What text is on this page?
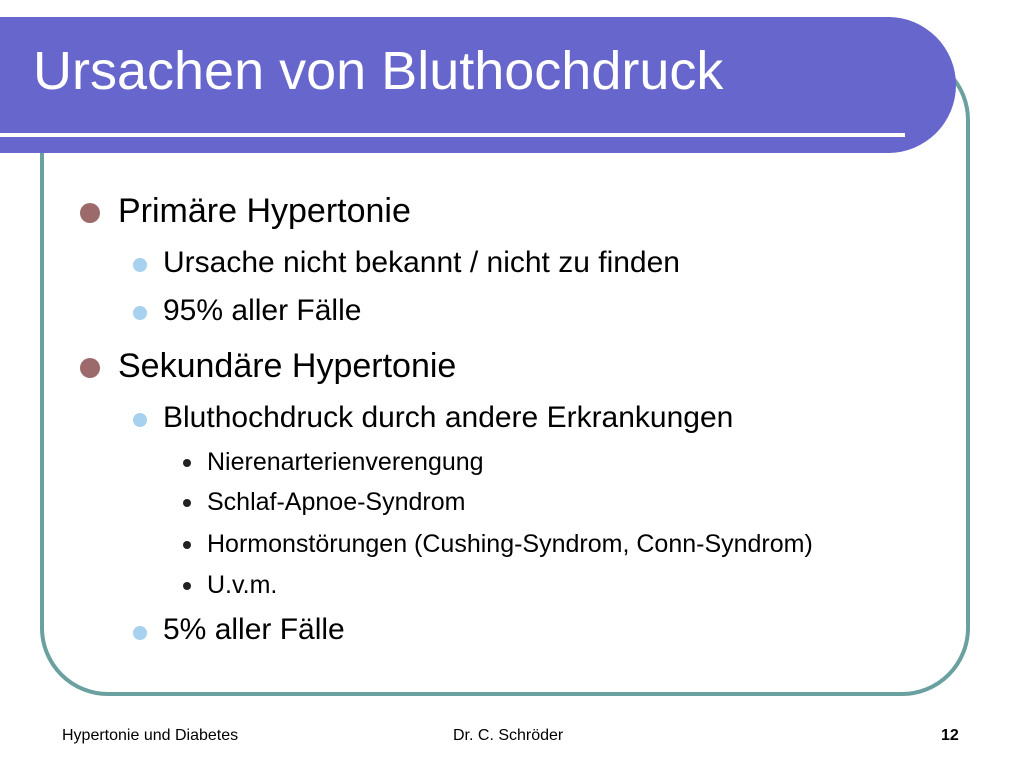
Ursachen von Bluthochdruck
Primäre Hypertonie
Ursache nicht bekannt / nicht zu finden
95% aller Fälle
Sekundäre Hypertonie
Bluthochdruck durch andere Erkrankungen
Nierenarterienverengung
Schlaf-Apnoe-Syndrom
Hormonstörungen (Cushing-Syndrom, Conn-Syndrom)
U.v.m.
5% aller Fälle
Hypertonie und Diabetes	Dr. C. Schröder	12
